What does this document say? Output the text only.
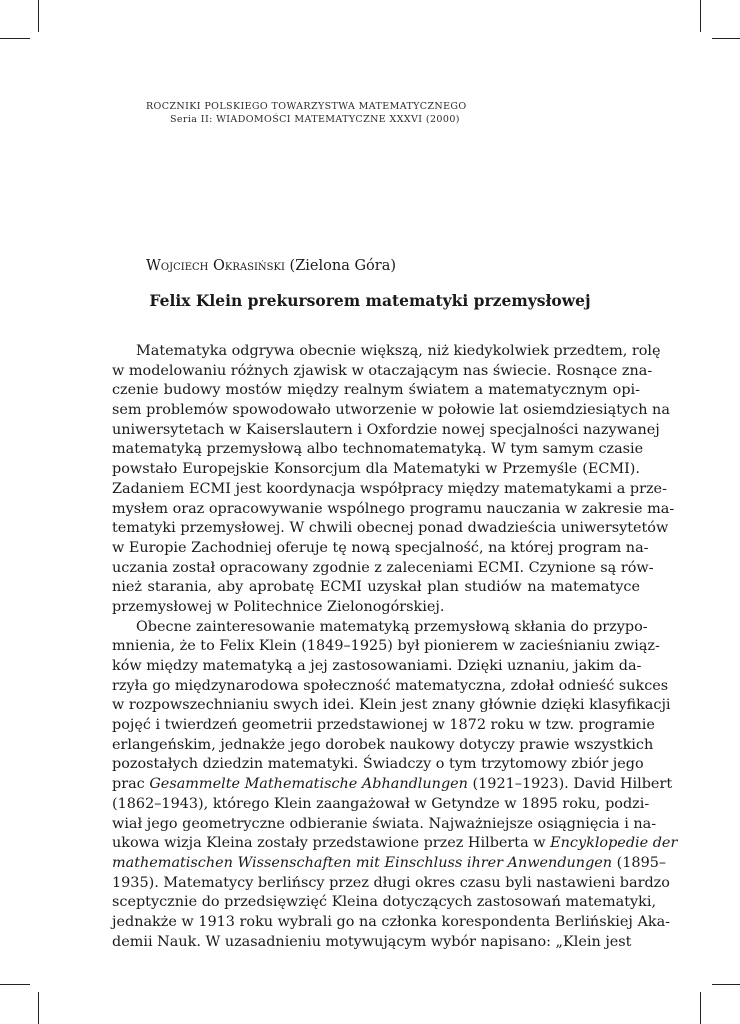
ROCZNIKI POLSKIEGO TOWARZYSTWA MATEMATYCZNEGO
Seria II: WIADOMOŚCI MATEMATYCZNE XXXVI (2000)
Wojciech Okrasiński (Zielona Góra)
Felix Klein prekursorem matematyki przemysłowej
Matematyka odgrywa obecnie większą, niż kiedykolwiek przedtem, rolę
w modelowaniu różnych zjawisk w otaczającym nas świecie. Rosnące zna-
czenie budowy mostów między realnym światem a matematycznym opi-
sem problemów spowodowało utworzenie w połowie lat osiemdziesiątych na
uniwersytetach w Kaiserslautern i Oxfordzie nowej specjalności nazywanej
matematyką przemysłową albo technomatematyką. W tym samym czasie
powstało Europejskie Konsorcjum dla Matematyki w Przemyśle (ECMI).
Zadaniem ECMI jest koordynacja współpracy między matematykami a prze-
mysłem oraz opracowywanie wspólnego programu nauczania w zakresie ma-
tematyki przemysłowej. W chwili obecnej ponad dwadzieścia uniwersytetów
w Europie Zachodniej oferuje tę nową specjalność, na której program na-
uczania został opracowany zgodnie z zaleceniami ECMI. Czynione są rów-
nież starania, aby aprobatę ECMI uzyskał plan studiów na matematyce
przemysłowej w Politechnice Zielonogórskiej.
Obecne zainteresowanie matematyką przemysłową skłania do przypo-
mnienia, że to Felix Klein (1849–1925) był pionierem w zacieśnianiu związ-
ków między matematyką a jej zastosowaniami. Dzięki uznaniu, jakim da-
rzyła go międzynarodowa społeczność matematyczna, zdołał odnieść sukces
w rozpowszechnianiu swych idei. Klein jest znany głównie dzięki klasyfikacji
pojęć i twierdzeń geometrii przedstawionej w 1872 roku w tzw. programie
erlangeńskim, jednakże jego dorobek naukowy dotyczy prawie wszystkich
pozostałych dziedzin matematyki. Świadczy o tym trzytomowy zbiór jego
prac Gesammelte Mathematische Abhandlungen (1921–1923). David Hilbert
(1862–1943), którego Klein zaangażował w Getyndze w 1895 roku, podzi-
wiał jego geometryczne odbieranie świata. Najważniejsze osiągnięcia i na-
ukowa wizja Kleina zostały przedstawione przez Hilberta w Encyklopedie der
mathematischen Wissenschaften mit Einschluss ihrer Anwendungen (1895–
1935). Matematycy berlińscy przez długi okres czasu byli nastawieni bardzo
sceptycznie do przedsięwzięć Kleina dotyczących zastosowań matematyki,
jednakże w 1913 roku wybrali go na członka korespondenta Berlińskiej Aka-
demii Nauk. W uzasadnieniu motywującym wybór napisano: „Klein jest
